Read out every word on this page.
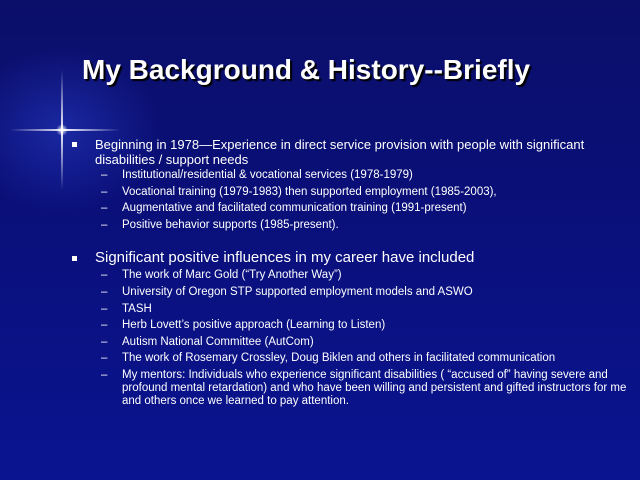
My Background & History--Briefly
Beginning in 1978—Experience in direct service provision with people with significant disabilities / support needs
– Institutional/residential & vocational services (1978-1979)
– Vocational training (1979-1983) then supported employment (1985-2003),
– Augmentative and facilitated communication training (1991-present)
– Positive behavior supports (1985-present).
Significant positive influences in my career have included
– The work of Marc Gold (“Try Another Way”)
– University of Oregon STP supported employment models and ASWO
– TASH
– Herb Lovett’s positive approach (Learning to Listen)
– Autism National Committee (AutCom)
– The work of Rosemary Crossley, Doug Biklen and others in facilitated communication
– My mentors: Individuals who experience significant disabilities ( “accused of” having severe and profound mental retardation) and who have been willing and persistent and gifted instructors for me and others once we learned to pay attention.
